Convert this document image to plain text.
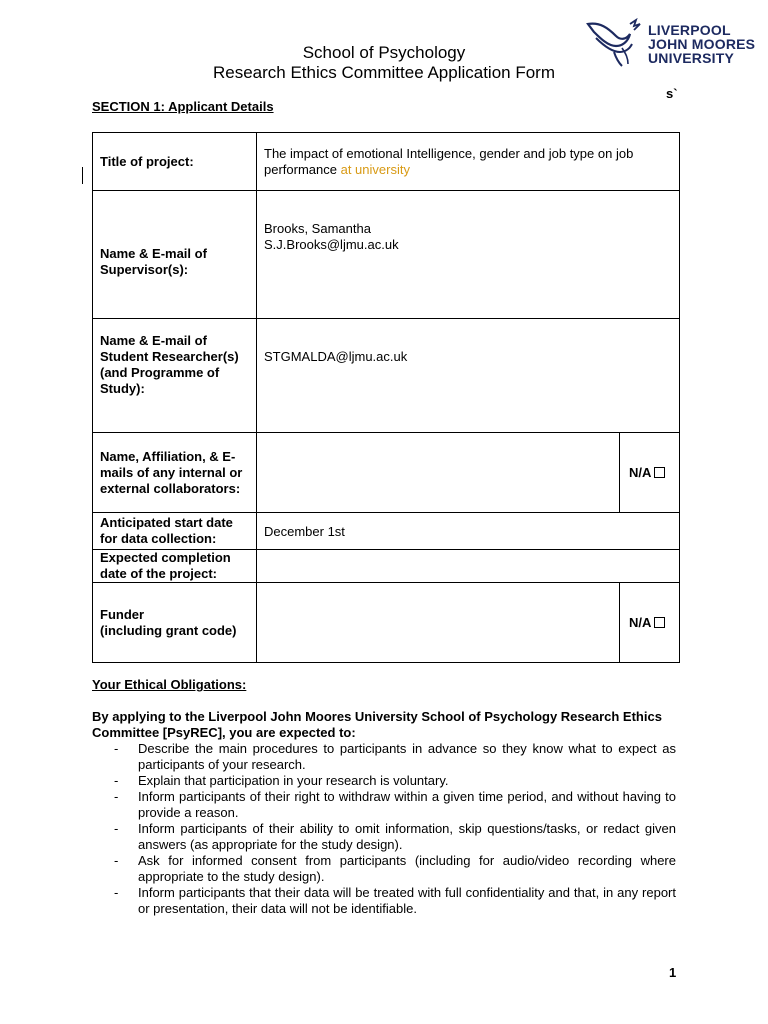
School of Psychology
Research Ethics Committee Application Form
LIVERPOOL
JOHN MOORES
UNIVERSITY
s`
SECTION 1: Applicant Details
Title of project:	The impact of emotional Intelligence, gender and job type on job performance at university	
Name & E-mail of Supervisor(s):	Brooks, Samantha
S.J.Brooks@ljmu.ac.uk	

Name & E-mail of Student Researcher(s) (and Programme of Study):	STGMALDA@ljmu.ac.uk	
Name, Affiliation, & E-mails of any internal or external collaborators:		N/A
Anticipated start date for data collection:	December 1st	
Expected completion date of the project:		

Funder
(including grant code)		N/A
Your Ethical Obligations:
By applying to the Liverpool John Moores University School of Psychology Research Ethics Committee [PsyREC], you are expected to:
- Describe the main procedures to participants in advance so they know what to expect as participants of your research.
- Explain that participation in your research is voluntary.
- Inform participants of their right to withdraw within a given time period, and without having to provide a reason.
- Inform participants of their ability to omit information, skip questions/tasks, or redact given answers (as appropriate for the study design).
- Ask for informed consent from participants (including for audio/video recording where appropriate to the study design).
- Inform participants that their data will be treated with full confidentiality and that, in any report or presentation, their data will not be identifiable.
1
